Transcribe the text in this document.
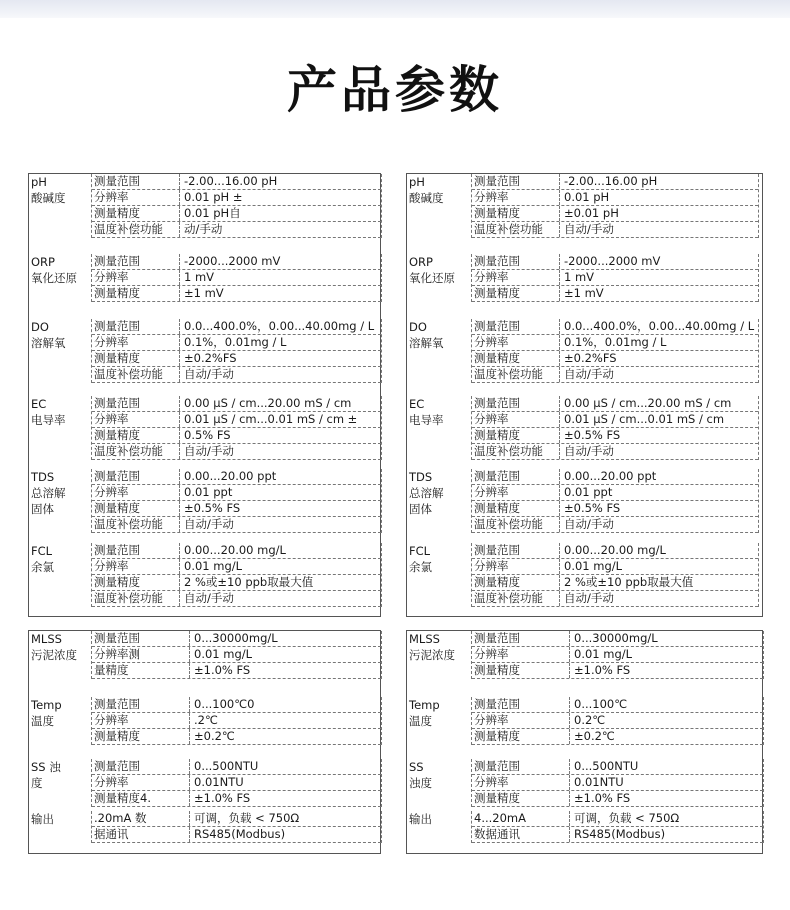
产品参数
pH
酸碱度
测量范围	-2.00...16.00 pH
分辨率	0.01 pH ±
测量精度	0.01 pH自
温度补偿功能	动/手动
ORP
氧化还原
测量范围	-2000...2000 mV
分辨率	1 mV
测量精度	±1 mV
DO
溶解氧
测量范围	0.0...400.0%，0.00...40.00mg / L
分辨率	0.1%，0.01mg / L
测量精度	±0.2%FS
温度补偿功能	自动/手动
EC
电导率
测量范围	0.00 μS / cm...20.00 mS / cm
分辨率	0.01 μS / cm...0.01 mS / cm ±
测量精度	0.5% FS
温度补偿功能	自动/手动
TDS
总溶解
固体
测量范围	0.00...20.00 ppt
分辨率	0.01 ppt
测量精度	±0.5% FS
温度补偿功能	自动/手动
FCL
余氯
测量范围	0.00...20.00 mg/L
分辨率	0.01 mg/L
测量精度	2 %或±10 ppb取最大值
温度补偿功能	自动/手动
pH
酸碱度
测量范围	-2.00...16.00 pH
分辨率	0.01 pH
测量精度	±0.01 pH
温度补偿功能	自动/手动
ORP
氧化还原
测量范围	-2000...2000 mV
分辨率	1 mV
测量精度	±1 mV
DO
溶解氧
测量范围	0.0...400.0%，0.00...40.00mg / L
分辨率	0.1%，0.01mg / L
测量精度	±0.2%FS
温度补偿功能	自动/手动
EC
电导率
测量范围	0.00 μS / cm...20.00 mS / cm
分辨率	0.01 μS / cm...0.01 mS / cm
测量精度	±0.5% FS
温度补偿功能	自动/手动
TDS
总溶解
固体
测量范围	0.00...20.00 ppt
分辨率	0.01 ppt
测量精度	±0.5% FS
温度补偿功能	自动/手动
FCL
余氯
测量范围	0.00...20.00 mg/L
分辨率	0.01 mg/L
测量精度	2 %或±10 ppb取最大值
温度补偿功能	自动/手动
MLSS
污泥浓度
测量范围	0...30000mg/L
分辨率测	0.01 mg/L
量精度	±1.0% FS
Temp
温度
测量范围	0...100℃0
分辨率	.2℃
测量精度	±0.2℃
SS 浊
度
测量范围	0...500NTU
分辨率	0.01NTU
测量精度4.	±1.0% FS
输出	.20mA 数	可调，负载 < 750Ω
据通讯	RS485(Modbus)
MLSS
污泥浓度
测量范围	0...30000mg/L
分辨率	0.01 mg/L
测量精度	±1.0% FS
Temp
温度
测量范围	0...100℃
分辨率	0.2℃
测量精度	±0.2℃
SS
浊度
测量范围	0...500NTU
分辨率	0.01NTU
测量精度	±1.0% FS
输出	4...20mA	可调，负载 < 750Ω
数据通讯	RS485(Modbus)
